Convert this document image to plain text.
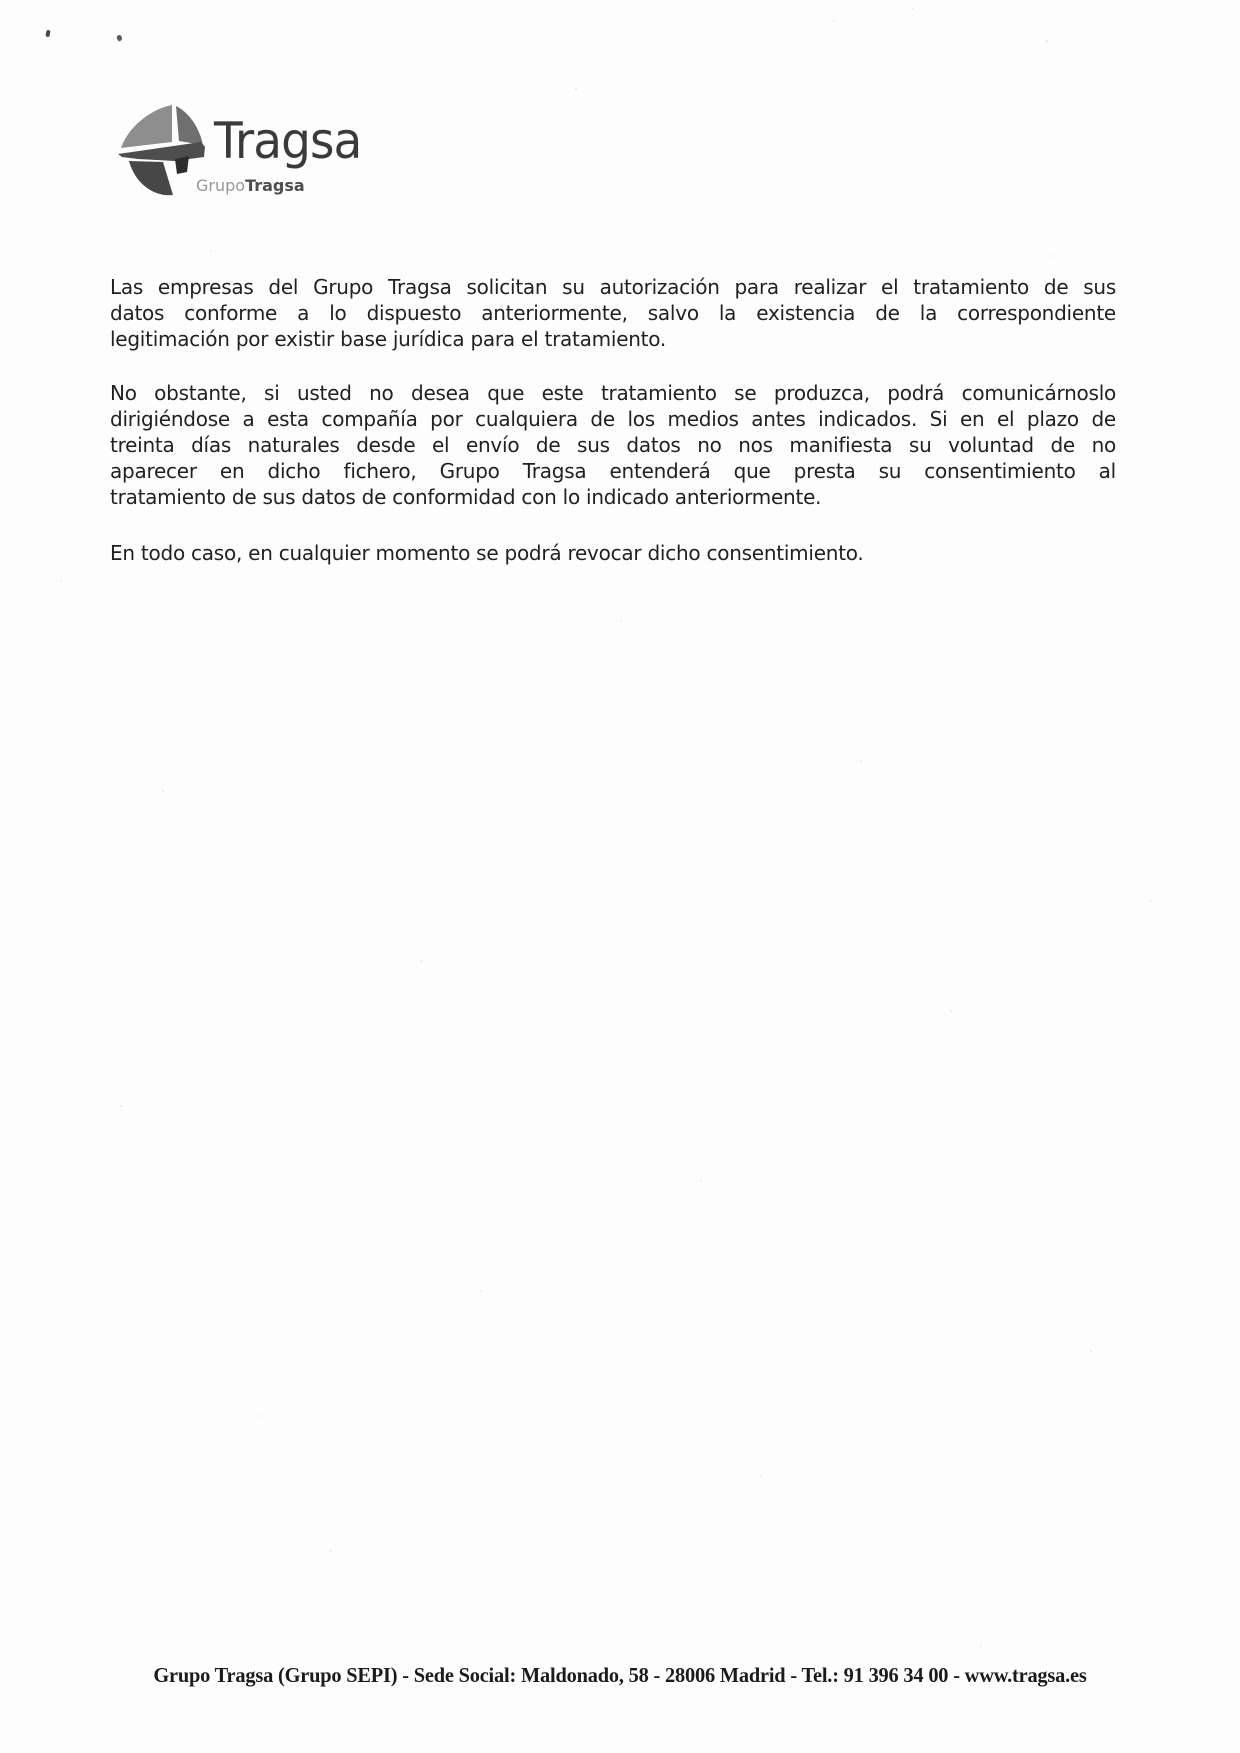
Tragsa
GrupoTragsa
Las empresas del Grupo Tragsa solicitan su autorización para realizar el tratamiento de sus
datos conforme a lo dispuesto anteriormente, salvo la existencia de la correspondiente
legitimación por existir base jurídica para el tratamiento.
No obstante, si usted no desea que este tratamiento se produzca, podrá comunicárnoslo
dirigiéndose a esta compañía por cualquiera de los medios antes indicados. Si en el plazo de
treinta días naturales desde el envío de sus datos no nos manifiesta su voluntad de no
aparecer en dicho fichero, Grupo Tragsa entenderá que presta su consentimiento al
tratamiento de sus datos de conformidad con lo indicado anteriormente.
En todo caso, en cualquier momento se podrá revocar dicho consentimiento.
Grupo Tragsa (Grupo SEPI) - Sede Social: Maldonado, 58 - 28006 Madrid - Tel.: 91 396 34 00 - www.tragsa.es
